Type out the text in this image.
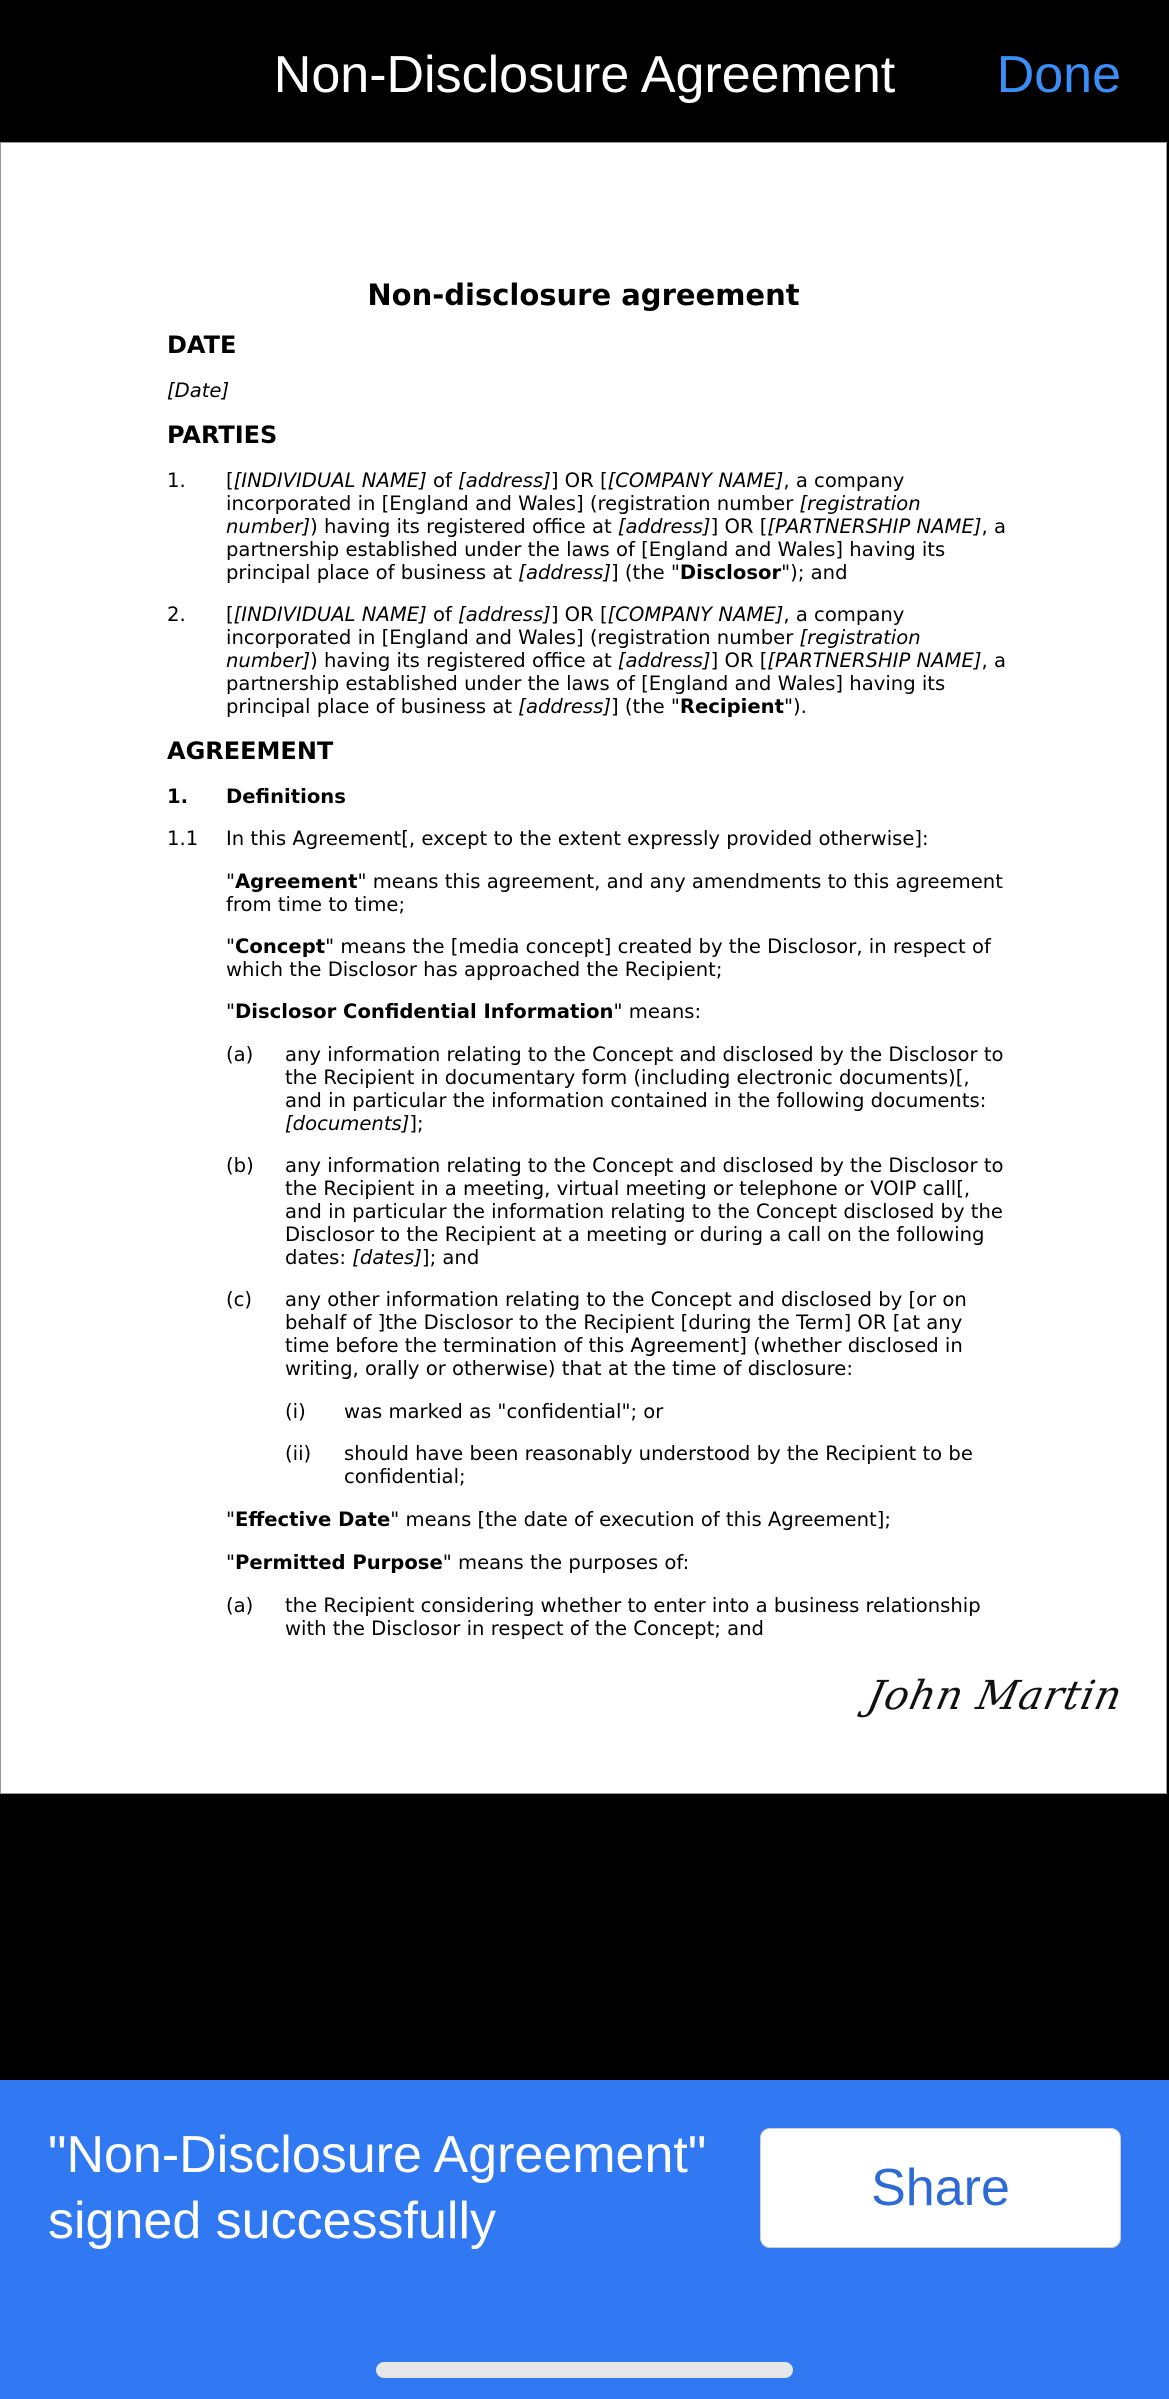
Non-Disclosure Agreement	Done
Non-disclosure agreement
DATE
[Date]
PARTIES
1. [[INDIVIDUAL NAME] of [address]] OR [[COMPANY NAME], a company incorporated in [England and Wales] (registration number [registration number]) having its registered office at [address]] OR [[PARTNERSHIP NAME], a partnership established under the laws of [England and Wales] having its principal place of business at [address]] (the "Disclosor"); and
2. [[INDIVIDUAL NAME] of [address]] OR [[COMPANY NAME], a company incorporated in [England and Wales] (registration number [registration number]) having its registered office at [address]] OR [[PARTNERSHIP NAME], a partnership established under the laws of [England and Wales] having its principal place of business at [address]] (the "Recipient").
AGREEMENT
1. Definitions
1.1 In this Agreement[, except to the extent expressly provided otherwise]:
"Agreement" means this agreement, and any amendments to this agreement from time to time;
"Concept" means the [media concept] created by the Disclosor, in respect of which the Disclosor has approached the Recipient;
"Disclosor Confidential Information" means:
(a) any information relating to the Concept and disclosed by the Disclosor to the Recipient in documentary form (including electronic documents)[, and in particular the information contained in the following documents: [documents]];
(b) any information relating to the Concept and disclosed by the Disclosor to the Recipient in a meeting, virtual meeting or telephone or VOIP call[, and in particular the information relating to the Concept disclosed by the Disclosor to the Recipient at a meeting or during a call on the following dates: [dates]]; and
(c) any other information relating to the Concept and disclosed by [or on behalf of ]the Disclosor to the Recipient [during the Term] OR [at any time before the termination of this Agreement] (whether disclosed in writing, orally or otherwise) that at the time of disclosure:
(i) was marked as "confidential"; or
(ii) should have been reasonably understood by the Recipient to be confidential;
"Effective Date" means [the date of execution of this Agreement];
"Permitted Purpose" means the purposes of:
(a) the Recipient considering whether to enter into a business relationship with the Disclosor in respect of the Concept; and
John Martin
"Non-Disclosure Agreement" signed successfully
Share
